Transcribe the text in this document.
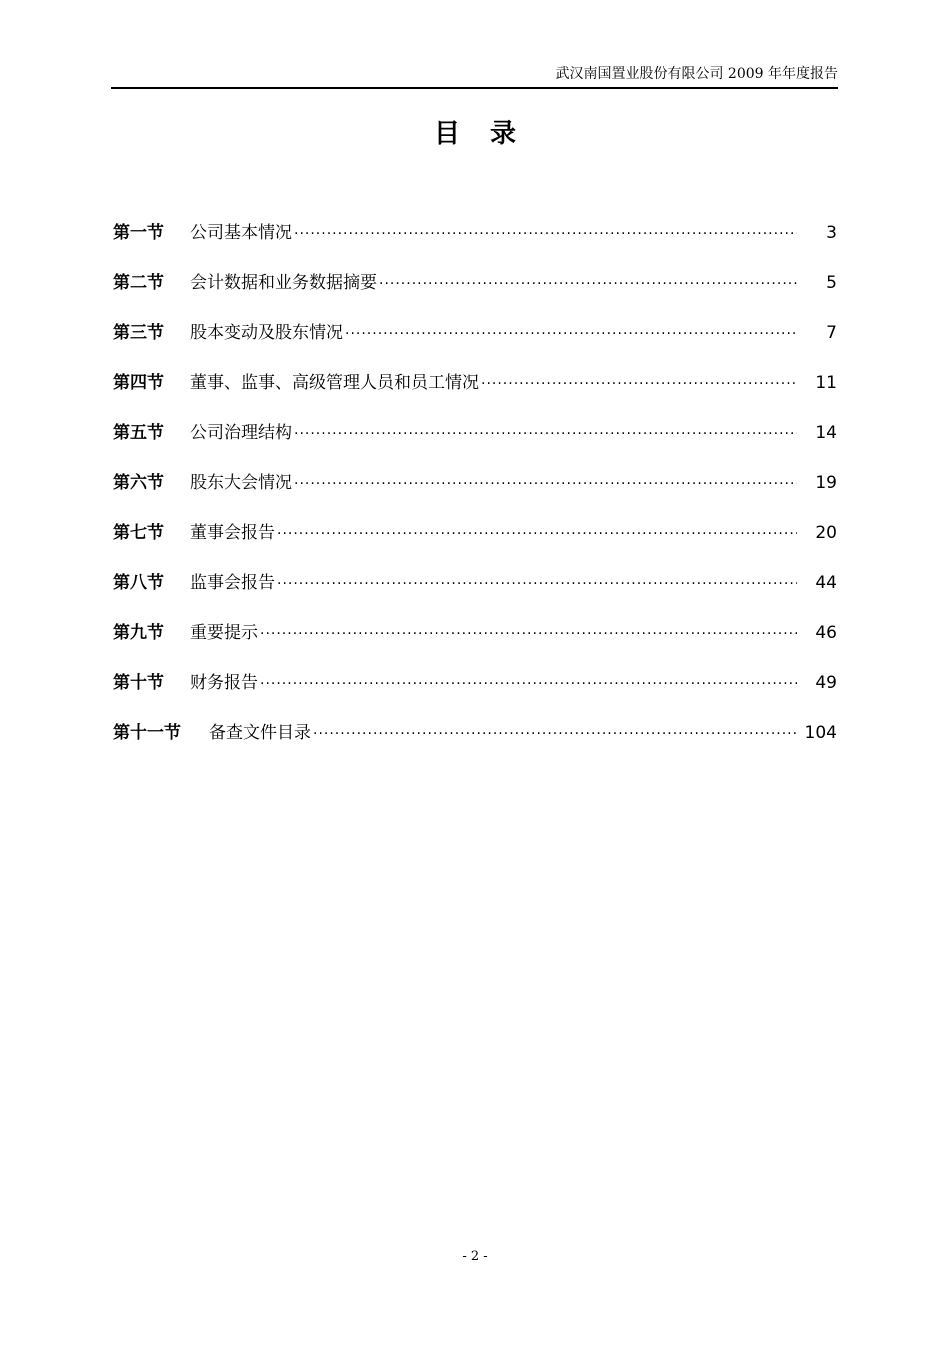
武汉南国置业股份有限公司 2009 年年度报告
目录
第一节	公司基本情况 ·····	3
第二节	会计数据和业务数据摘要 ·····	5
第三节	股本变动及股东情况 ·····	7
第四节	董事、监事、高级管理人员和员工情况 ·····	11
第五节	公司治理结构 ·····	14
第六节	股东大会情况 ·····	19
第七节	董事会报告 ·····	20
第八节	监事会报告 ·····	44
第九节	重要提示 ·····	46
第十节	财务报告 ·····	49
第十一节	备查文件目录 ·····	104
- 2 -
